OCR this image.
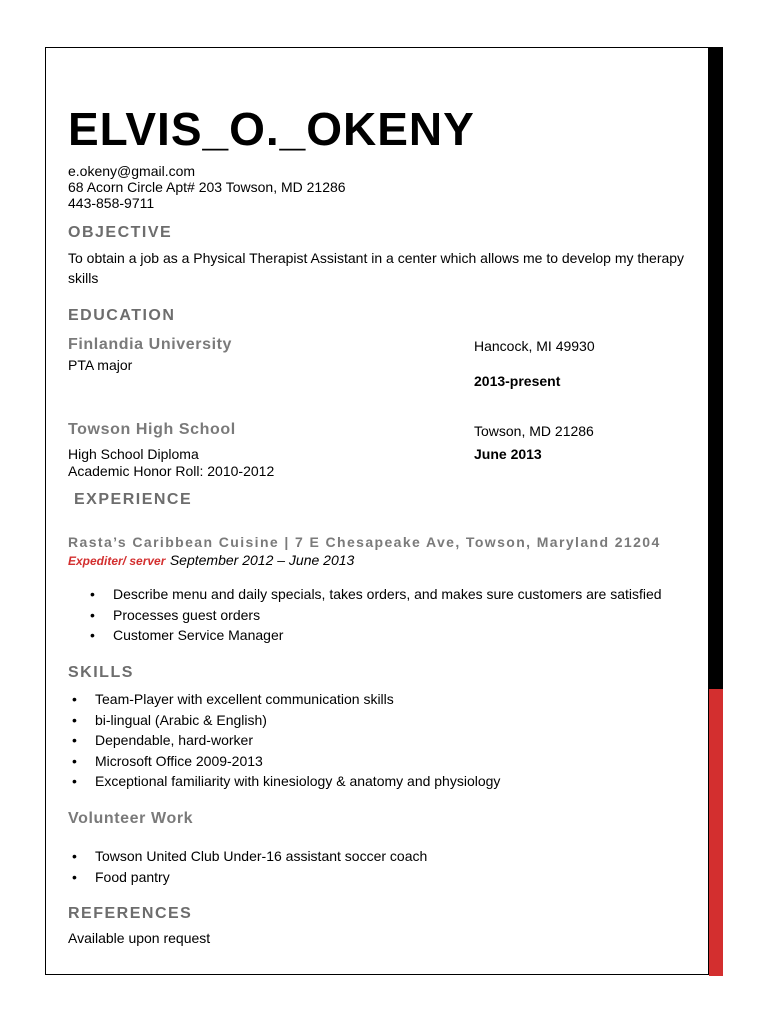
ELVIS_O._OKENY
e.okeny@gmail.com
68 Acorn Circle Apt# 203 Towson, MD 21286
443-858-9711
OBJECTIVE
To obtain a job as a Physical Therapist Assistant in a center which allows me to develop my therapy
skills
EDUCATION
Finlandia University
PTA major
Hancock, MI 49930
2013-present
Towson High School
High School Diploma
Academic Honor Roll: 2010-2012
Towson, MD 21286
June 2013
EXPERIENCE
Rasta’s Caribbean Cuisine | 7 E Chesapeake Ave, Towson, Maryland 21204
Expediter/ server September 2012 – June 2013
• Describe menu and daily specials, takes orders, and makes sure customers are satisfied
• Processes guest orders
• Customer Service Manager
SKILLS
• Team-Player with excellent communication skills
• bi-lingual (Arabic & English)
• Dependable, hard-worker
• Microsoft Office 2009-2013
• Exceptional familiarity with kinesiology & anatomy and physiology
Volunteer Work
• Towson United Club Under-16 assistant soccer coach
• Food pantry
REFERENCES
Available upon request
